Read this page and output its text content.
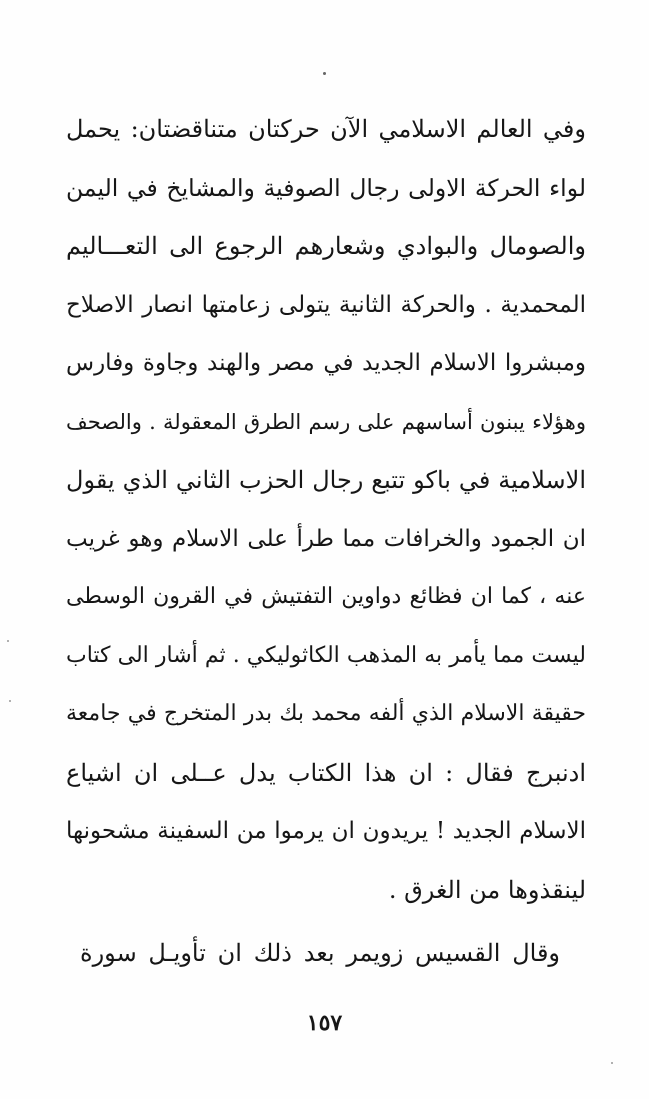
وفي العالم الاسلامي الآن حركتان متناقضتان: يحمل
لواء الحركة الاولى رجال الصوفية والمشايخ في اليمن
والصومال والبوادي وشعارهم الرجوع الى التعـــاليم
المحمدية . والحركة الثانية يتولى زعامتها انصار الاصلاح
ومبشروا الاسلام الجديد في مصر والهند وجاوة وفارس
وهؤلاء يبنون أساسهم على رسم الطرق المعقولة . والصحف
الاسلامية في باكو تتبع رجال الحزب الثاني الذي يقول
ان الجمود والخرافات مما طرأ على الاسلام وهو غريب
عنه ، كما ان فظائع دواوين التفتيش في القرون الوسطى
ليست مما يأمر به المذهب الكاثوليكي . ثم أشار الى كتاب
حقيقة الاسلام الذي ألفه محمد بك بدر المتخرج في جامعة
ادنبرج فقال : ان هذا الكتاب يدل عــلى ان اشياع
الاسلام الجديد ! يريدون ان يرموا من السفينة مشحونها
لينقذوها من الغرق .
وقال القسيس زويمر بعد ذلك ان تأويـل سورة
١٥٧
